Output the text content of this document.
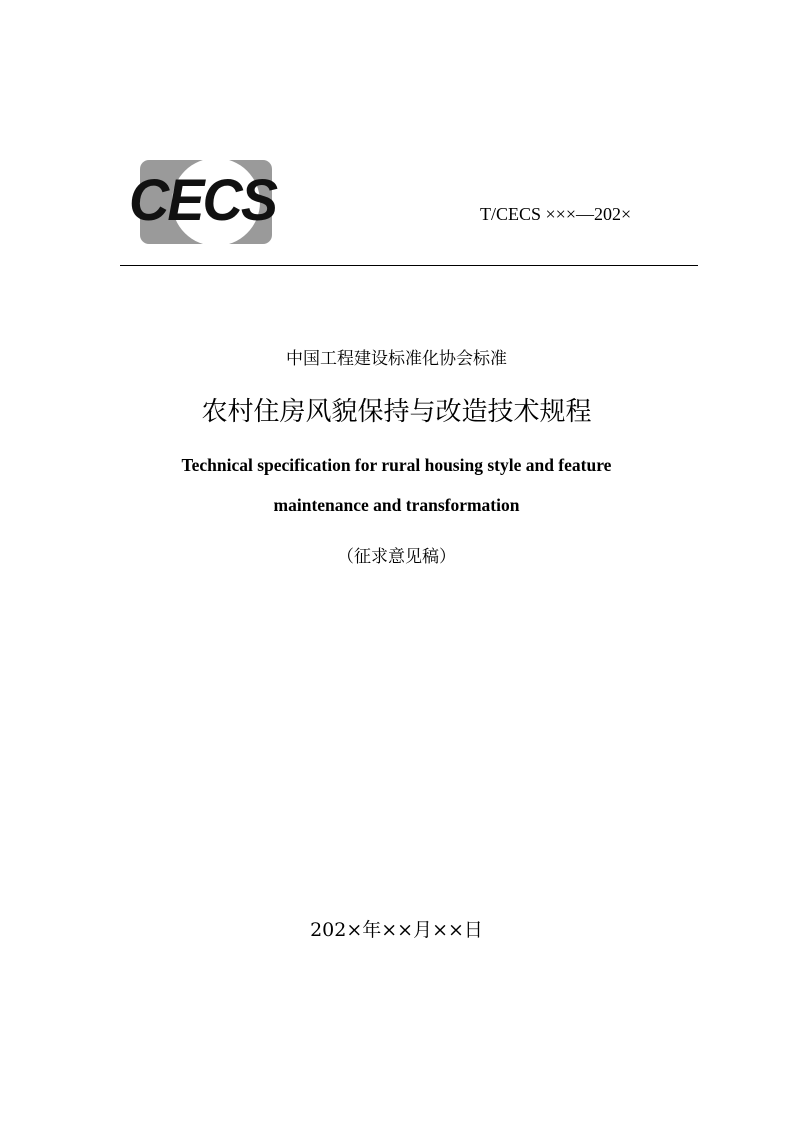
CECS	T/CECS ×××—202×
中国工程建设标准化协会标准
农村住房风貌保持与改造技术规程
Technical specification for rural housing style and feature
maintenance and transformation
（征求意见稿）
202×年××月××日
